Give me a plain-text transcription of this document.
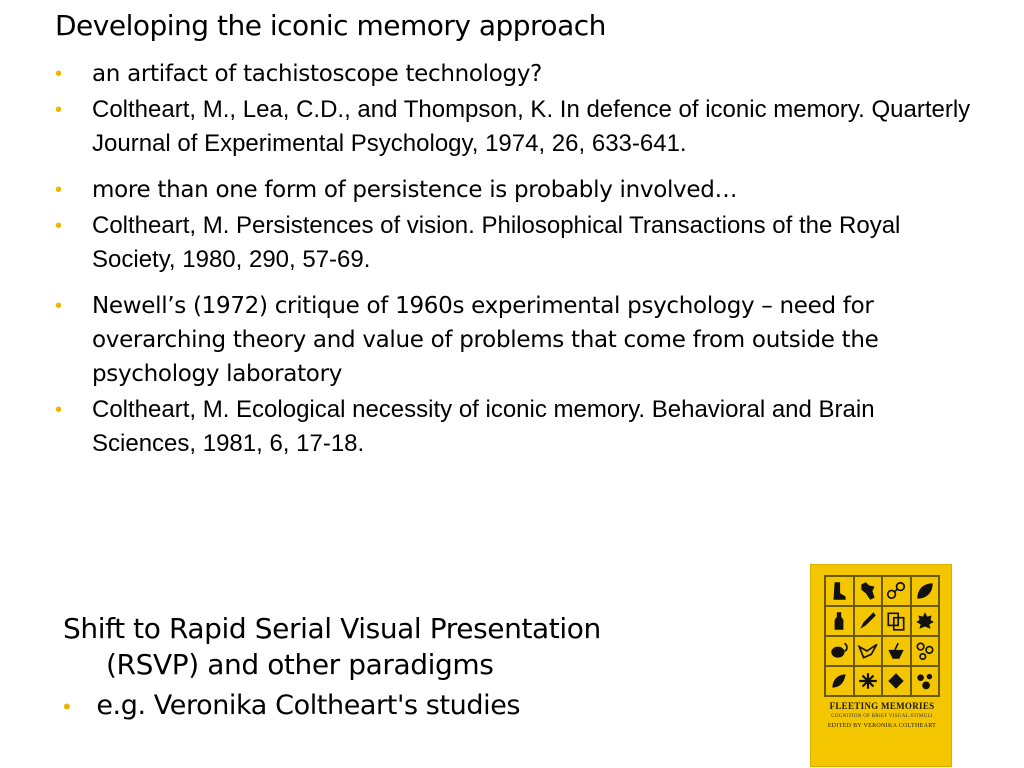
Developing the iconic memory approach
• an artifact of tachistoscope technology?
• Coltheart, M., Lea, C.D., and Thompson, K. In defence of iconic memory. Quarterly Journal of Experimental Psychology, 1974, 26, 633-641.
• more than one form of persistence is probably involved…
• Coltheart, M. Persistences of vision. Philosophical Transactions of the Royal Society, 1980, 290, 57-69.
• Newell’s (1972) critique of 1960s experimental psychology – need for overarching theory and value of problems that come from outside the psychology laboratory
• Coltheart, M. Ecological necessity of iconic memory. Behavioral and Brain Sciences, 1981, 6, 17-18.
Shift to Rapid Serial Visual Presentation
(RSVP) and other paradigms
• e.g. Veronika Coltheart's studies	FLEETING MEMORIES
COGNITION OF BRIEF VISUAL STIMULI
EDITED BY VERONIKA COLTHEART
